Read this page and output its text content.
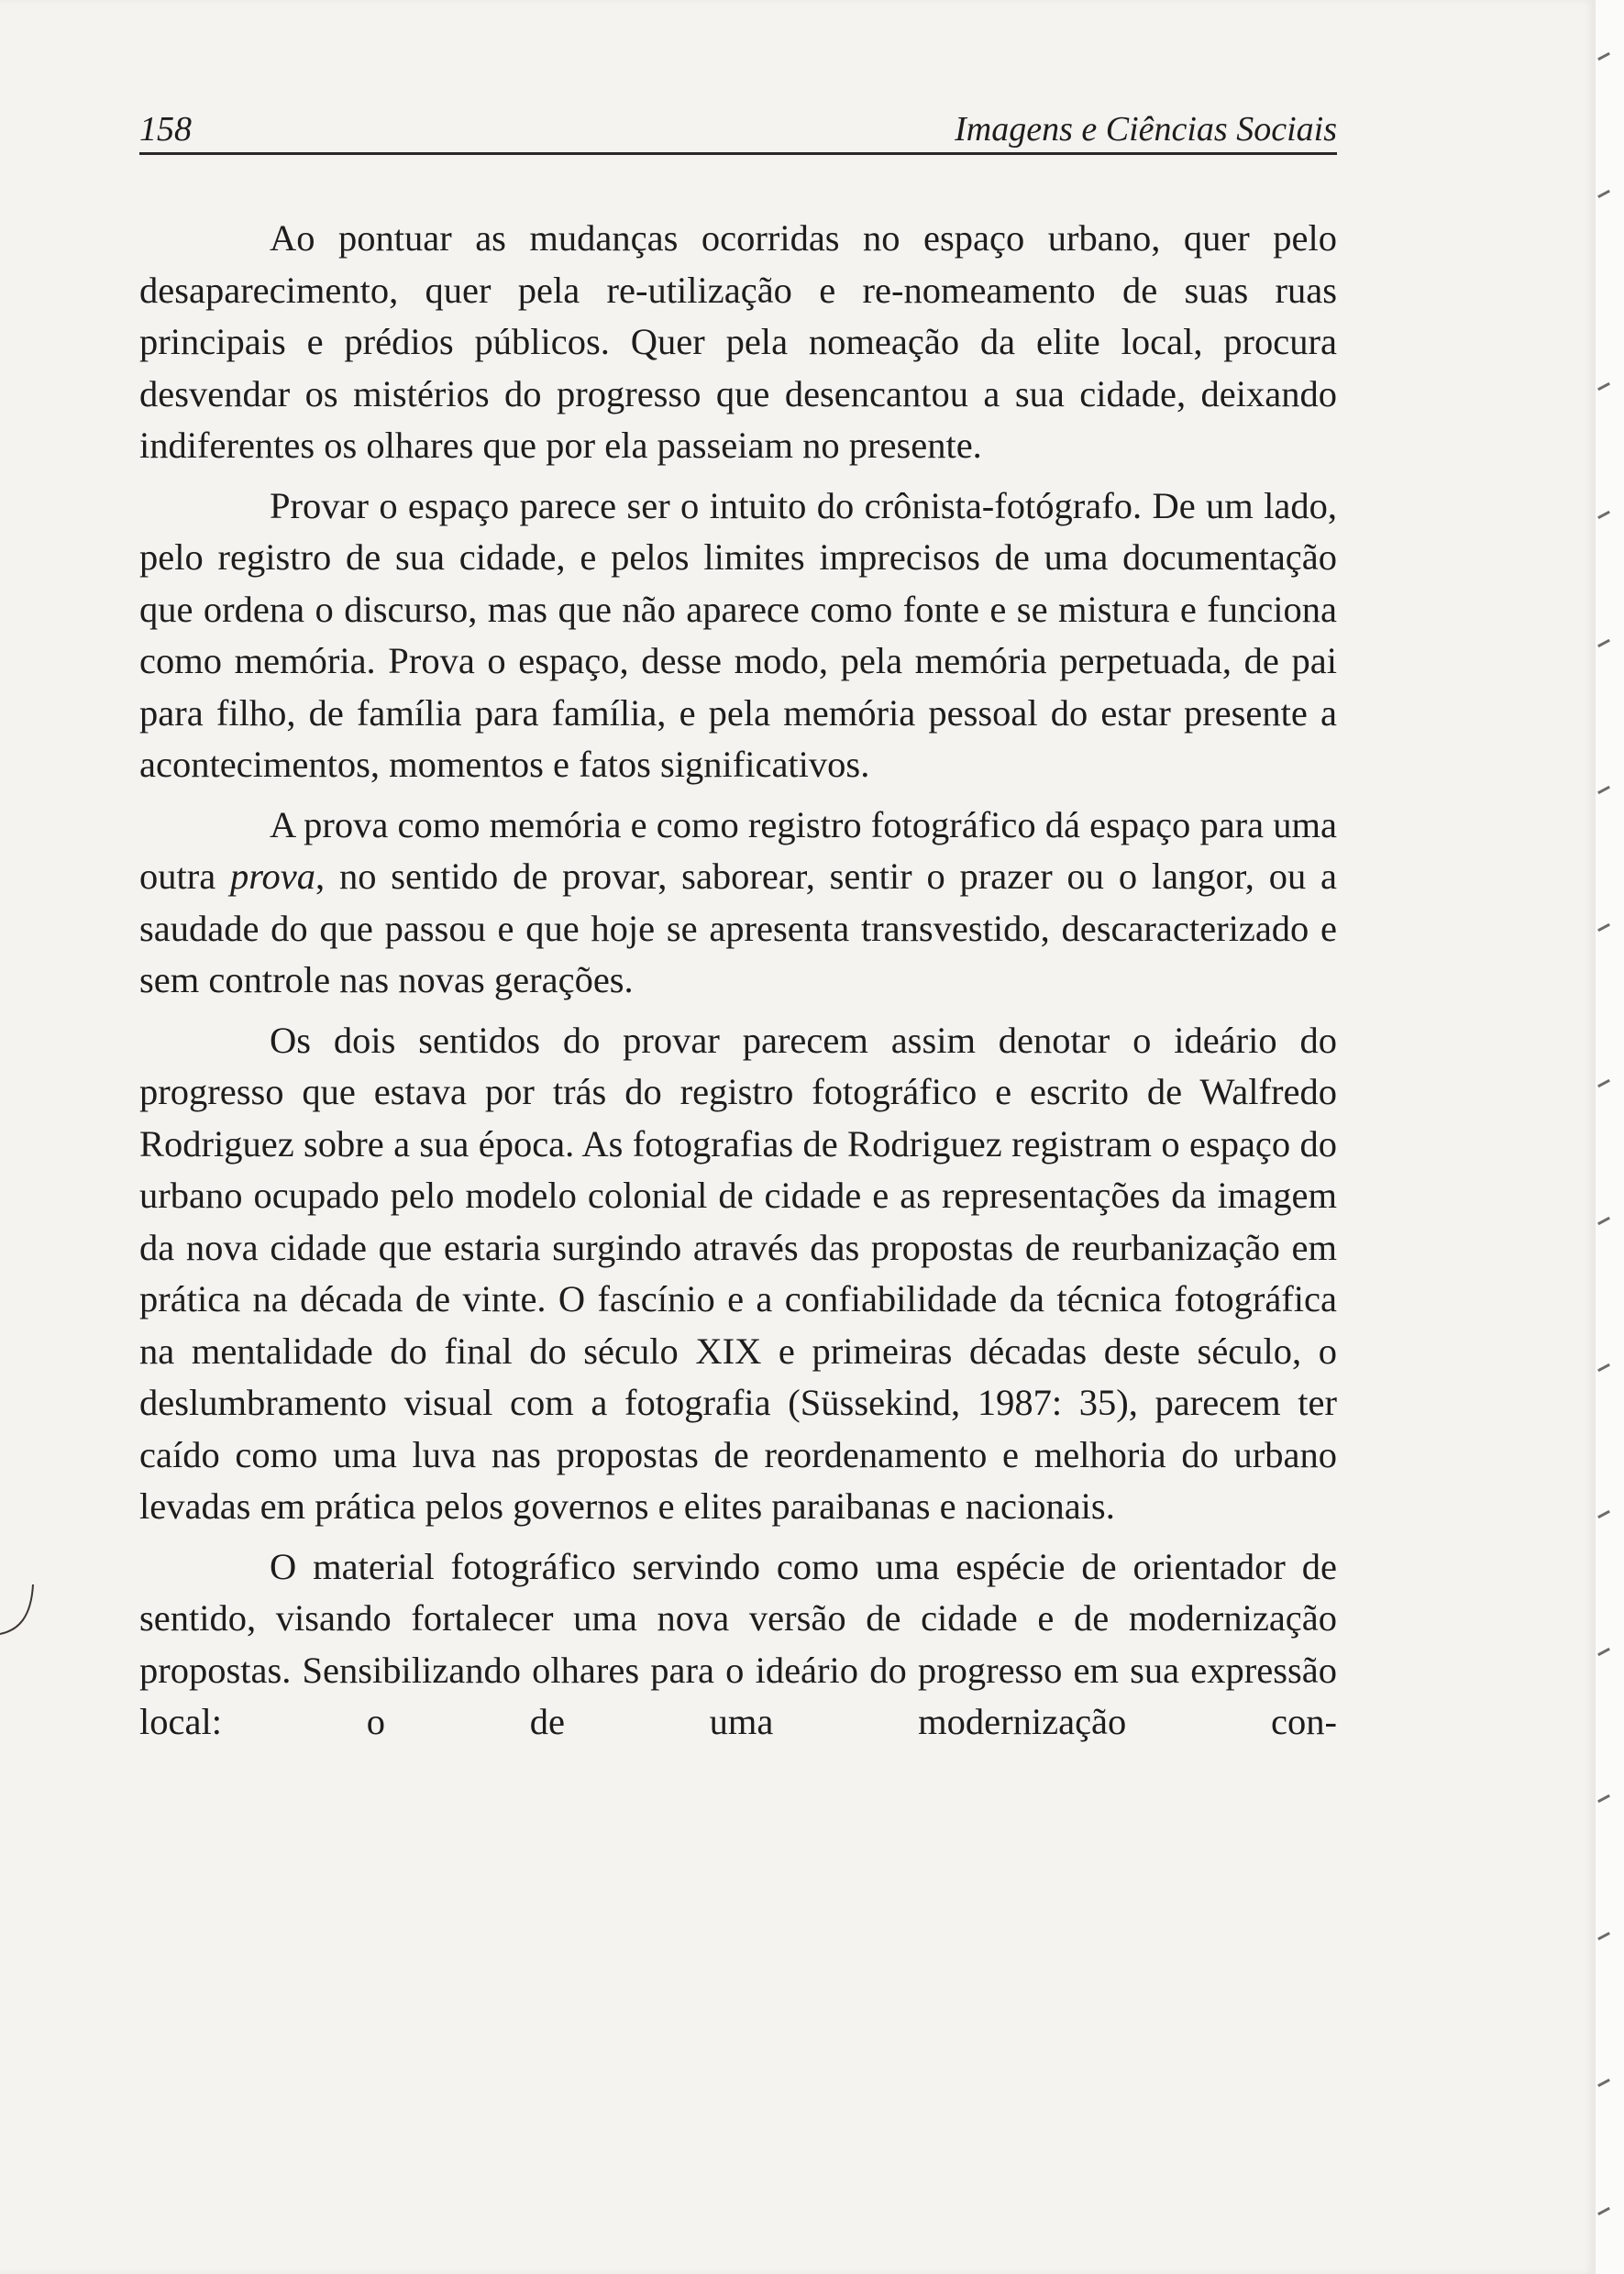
158	Imagens e Ciências Sociais

Ao pontuar as mudanças ocorridas no espaço urbano, quer pelo desaparecimento, quer pela re-utilização e re-nomeamento de suas ruas principais e prédios públicos. Quer pela nomeação da elite local, procura desvendar os mistérios do progresso que desencantou a sua cidade, deixando indiferentes os olhares que por ela passeiam no presente.

Provar o espaço parece ser o intuito do crônista-fotógrafo. De um lado, pelo registro de sua cidade, e pelos limites imprecisos de uma documentação que ordena o discurso, mas que não aparece como fonte e se mistura e funciona como memória. Prova o espaço, desse modo, pela memória perpetuada, de pai para filho, de família para família, e pela memória pessoal do estar presente a acontecimentos, momentos e fatos significativos.

A prova como memória e como registro fotográfico dá espaço para uma outra prova, no sentido de provar, saborear, sentir o prazer ou o langor, ou a saudade do que passou e que hoje se apresenta transvestido, descaracterizado e sem controle nas novas gerações.

Os dois sentidos do provar parecem assim denotar o ideário do progresso que estava por trás do registro fotográfico e escrito de Walfredo Rodriguez sobre a sua época. As fotografias de Rodriguez registram o espaço do urbano ocupado pelo modelo colonial de cidade e as representações da imagem da nova cidade que estaria surgindo através das propostas de reurbanização em prática na década de vinte. O fascínio e a confiabilidade da técnica fotográfica na mentalidade do final do século XIX e primeiras décadas deste século, o deslumbramento visual com a fotografia (Süssekind, 1987: 35), parecem ter caído como uma luva nas propostas de reordenamento e melhoria do urbano levadas em prática pelos governos e elites paraibanas e nacionais.

O material fotográfico servindo como uma espécie de orientador de sentido, visando fortalecer uma nova versão de cidade e de modernização propostas. Sensibilizando olhares para o ideário do progresso em sua expressão local: o de uma modernização con-
